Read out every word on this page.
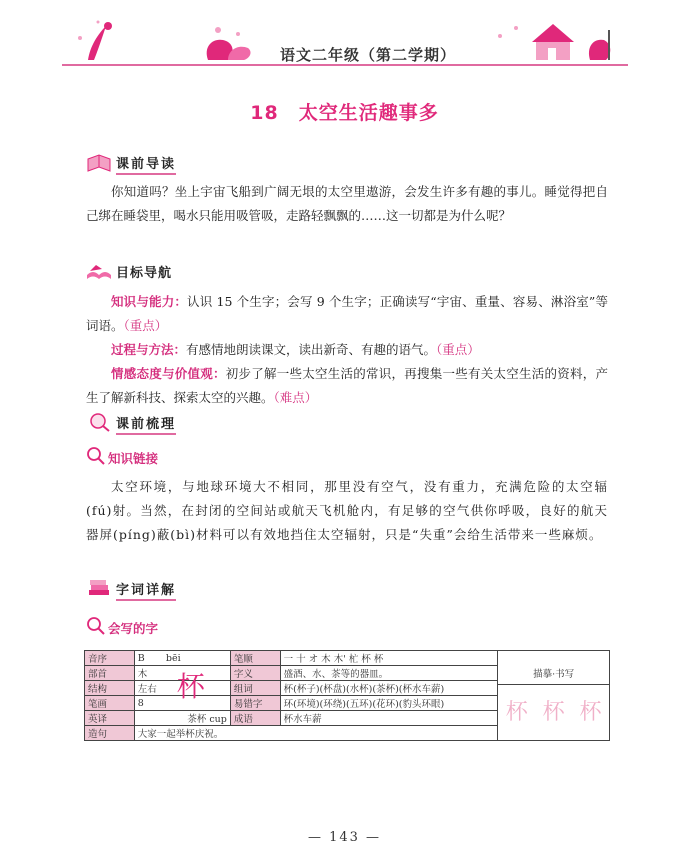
语文二年级（第二学期）
18　太空生活趣事多
课前导读
你知道吗？坐上宇宙飞船到广阔无垠的太空里遨游，会发生许多有趣的事儿。睡觉得把自己绑在睡袋里，喝水只能用吸管吸，走路轻飘飘的……这一切都是为什么呢？
目标导航
知识与能力：认识 15 个生字；会写 9 个生字；正确读写“宇宙、重量、容易、淋浴室”等词语。（重点）
过程与方法：有感情地朗读课文，读出新奇、有趣的语气。（重点）
情感态度与价值观：初步了解一些太空生活的常识，再搜集一些有关太空生活的资料，产生了解新科技、探索太空的兴趣。（难点）
课前梳理
知识链接
太空环境，与地球环境大不相同，那里没有空气，没有重力，充满危险的太空辐(fú)射。当然，在封闭的空间站或航天飞机舱内，有足够的空气供你呼吸，良好的航天器屏(píng)蔽(bì)材料可以有效地挡住太空辐射，只是“失重”会给生活带来一些麻烦。
字词详解
会写的字
音序	B bēi	笔顺	一 十 オ 木 木' 杧 杯 杯	描摹·书写
杯 杯 杯

部首	木	字义	盛酒、水、茶等的器皿。	
结构	左右 杯	组词	杯(杯子)(杯盘)(水杯)(茶杯)(杯水车薪)	
笔画	8	易错字	环(环境)(环绕)(五环)(花环)(豹头环眼)	
英译	茶杯 cup	成语	杯水车薪	
造句	大家一起举杯庆祝。			
— 143 —
